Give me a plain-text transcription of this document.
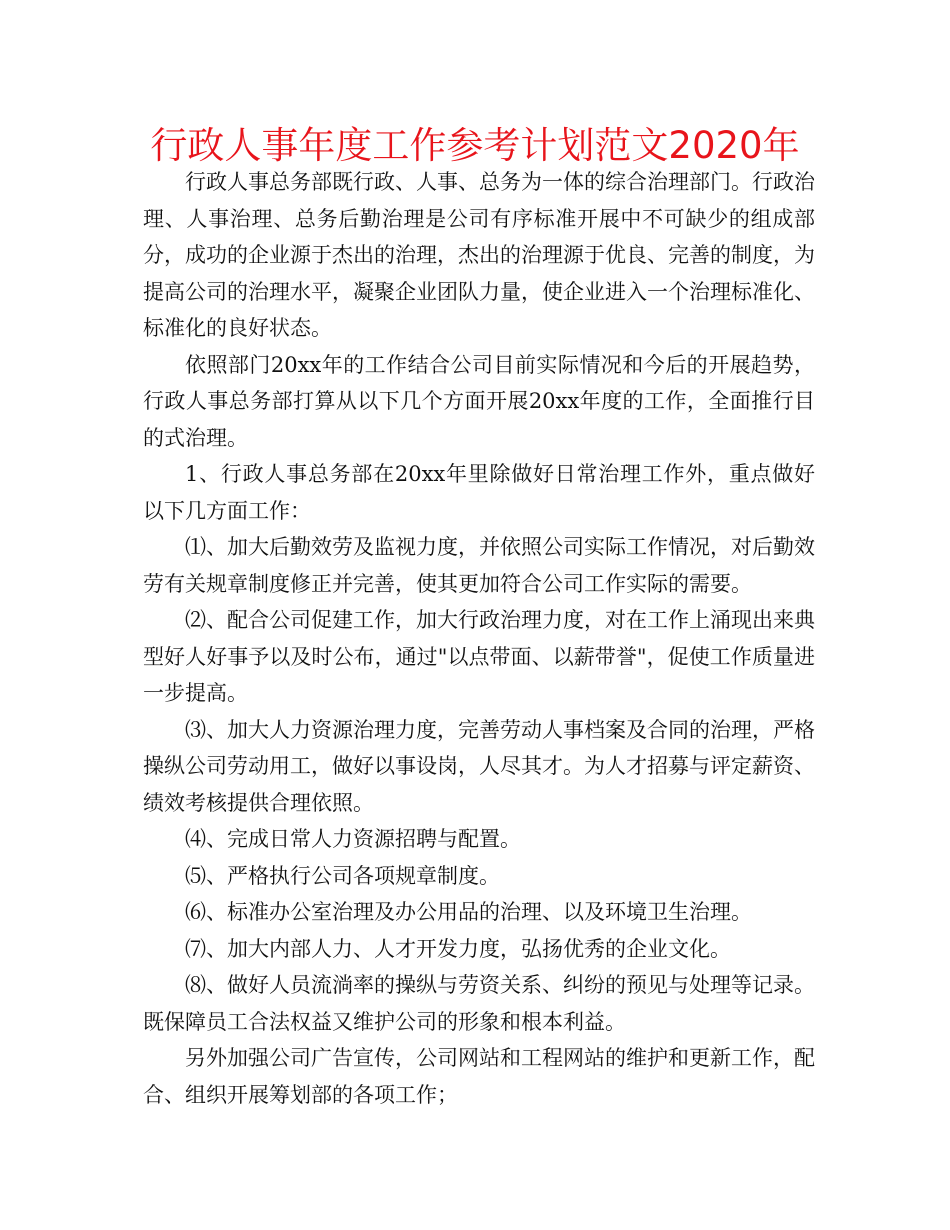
行政人事年度工作参考计划范文2020年

行政人事总务部既行政、人事、总务为一体的综合治理部门。行政治理、人事治理、总务后勤治理是公司有序标准开展中不可缺少的组成部分，成功的企业源于杰出的治理，杰出的治理源于优良、完善的制度，为提高公司的治理水平，凝聚企业团队力量，使企业进入一个治理标准化、标准化的良好状态。

依照部门20xx年的工作结合公司目前实际情况和今后的开展趋势，行政人事总务部打算从以下几个方面开展20xx年度的工作，全面推行目的式治理。

1、行政人事总务部在20xx年里除做好日常治理工作外，重点做好以下几方面工作：

⑴、加大后勤效劳及监视力度，并依照公司实际工作情况，对后勤效劳有关规章制度修正并完善，使其更加符合公司工作实际的需要。

⑵、配合公司促建工作，加大行政治理力度，对在工作上涌现出来典型好人好事予以及时公布，通过"以点带面、以薪带誉"，促使工作质量进一步提高。

⑶、加大人力资源治理力度，完善劳动人事档案及合同的治理，严格操纵公司劳动用工，做好以事设岗，人尽其才。为人才招募与评定薪资、绩效考核提供合理依照。

⑷、完成日常人力资源招聘与配置。

⑸、严格执行公司各项规章制度。

⑹、标准办公室治理及办公用品的治理、以及环境卫生治理。

⑺、加大内部人力、人才开发力度，弘扬优秀的企业文化。

⑻、做好人员流淌率的操纵与劳资关系、纠纷的预见与处理等记录。既保障员工合法权益又维护公司的形象和根本利益。

另外加强公司广告宣传，公司网站和工程网站的维护和更新工作，配合、组织开展筹划部的各项工作；
